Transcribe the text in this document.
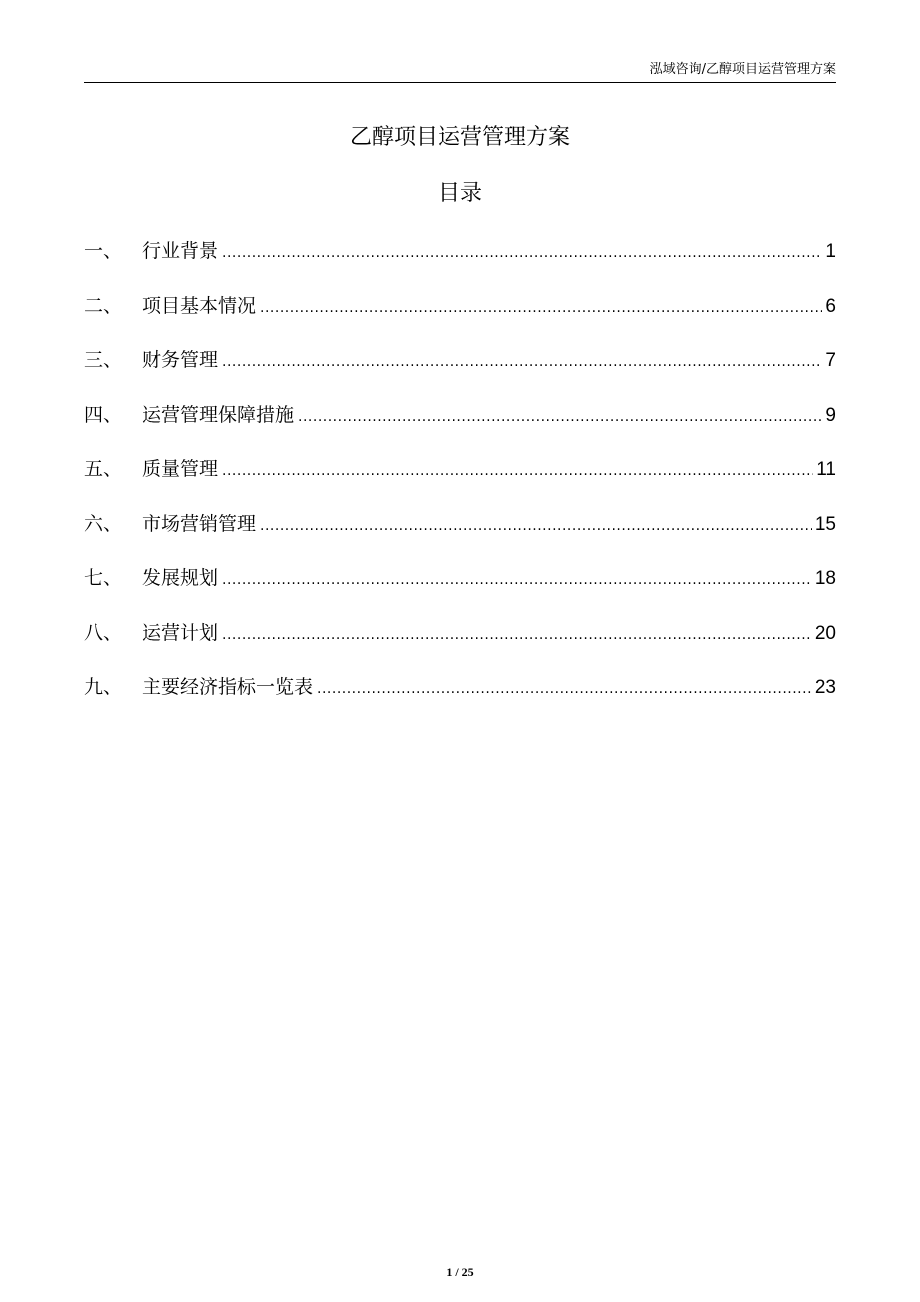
泓域咨询/乙醇项目运营管理方案
乙醇项目运营管理方案
目录
一、	行业背景 .....	1
二、	项目基本情况 .....	6
三、	财务管理 .....	7
四、	运营管理保障措施 .....	9
五、	质量管理 .....	11
六、	市场营销管理 .....	15
七、	发展规划 .....	18
八、	运营计划 .....	20
九、	主要经济指标一览表 .....	23
1 / 25
